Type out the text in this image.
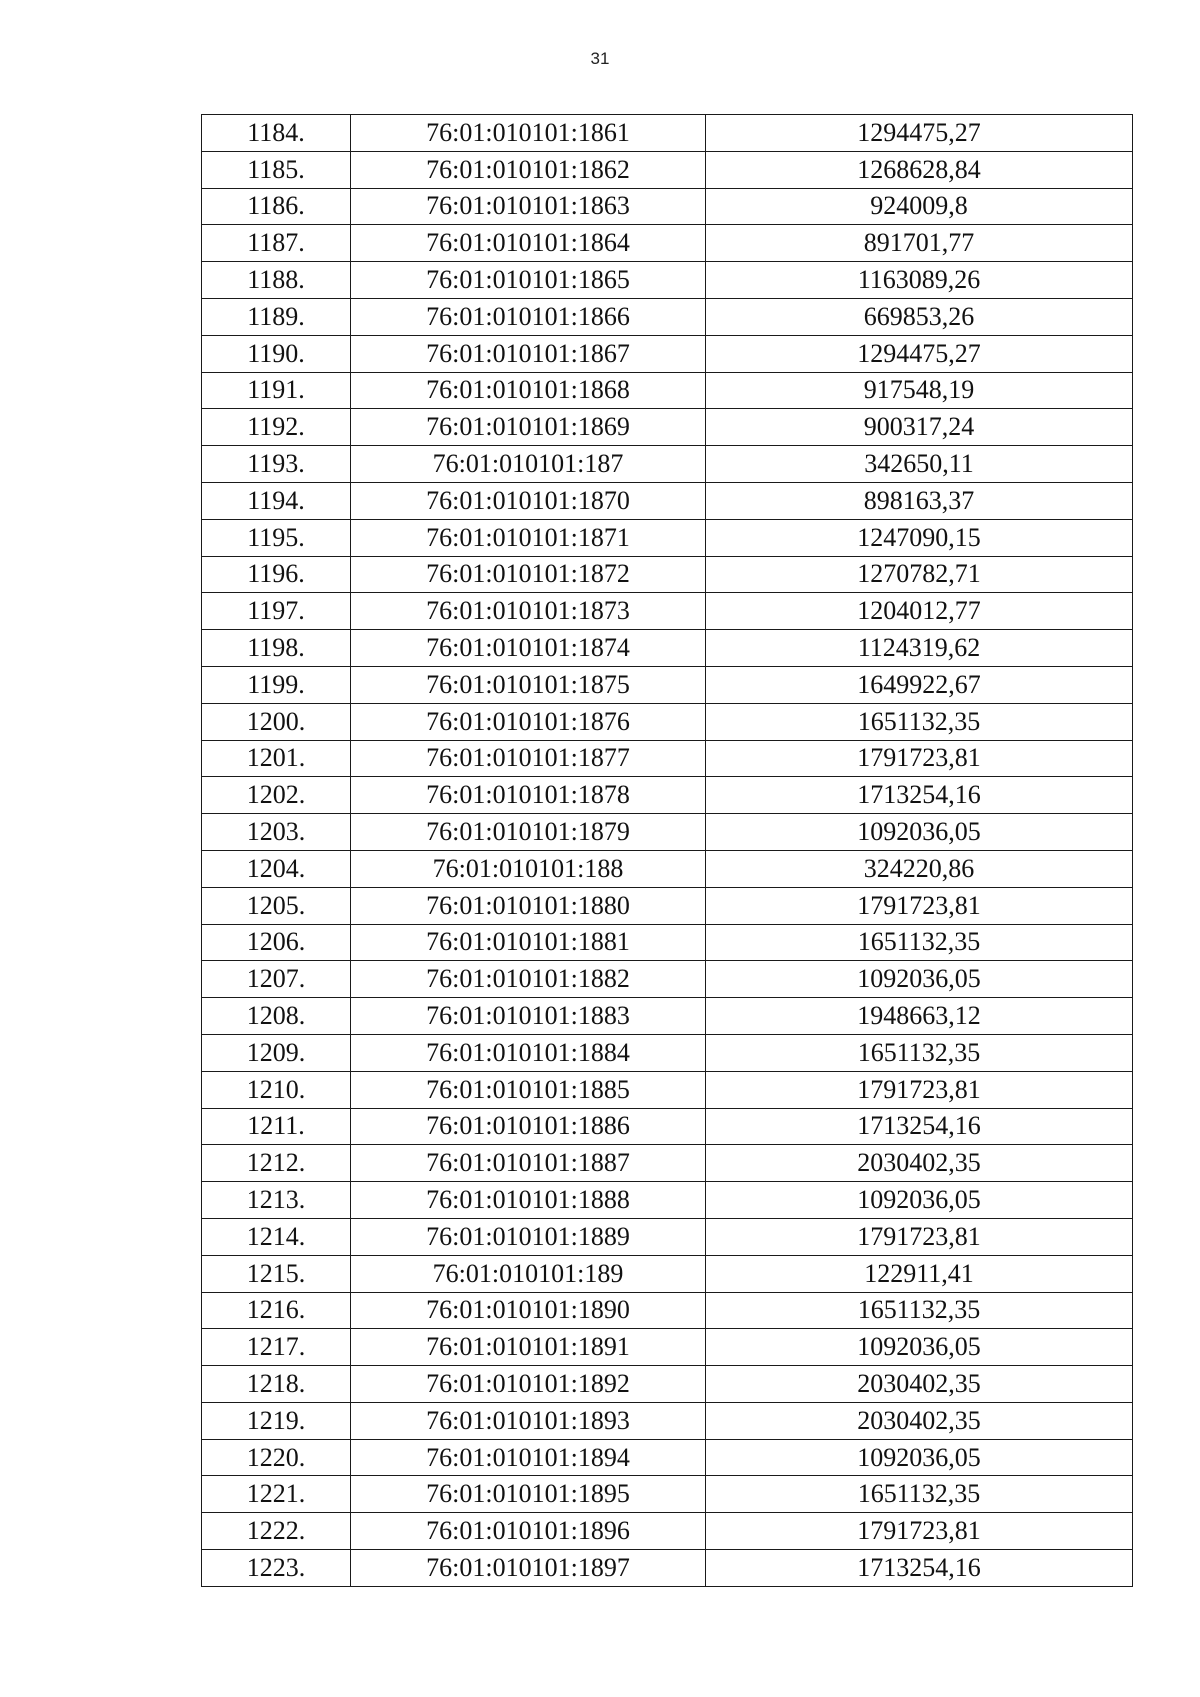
31
1184.	76:01:010101:1861	1294475,27
1185.	76:01:010101:1862	1268628,84
1186.	76:01:010101:1863	924009,8
1187.	76:01:010101:1864	891701,77
1188.	76:01:010101:1865	1163089,26
1189.	76:01:010101:1866	669853,26
1190.	76:01:010101:1867	1294475,27
1191.	76:01:010101:1868	917548,19
1192.	76:01:010101:1869	900317,24
1193.	76:01:010101:187	342650,11
1194.	76:01:010101:1870	898163,37
1195.	76:01:010101:1871	1247090,15
1196.	76:01:010101:1872	1270782,71
1197.	76:01:010101:1873	1204012,77
1198.	76:01:010101:1874	1124319,62
1199.	76:01:010101:1875	1649922,67
1200.	76:01:010101:1876	1651132,35
1201.	76:01:010101:1877	1791723,81
1202.	76:01:010101:1878	1713254,16
1203.	76:01:010101:1879	1092036,05
1204.	76:01:010101:188	324220,86
1205.	76:01:010101:1880	1791723,81
1206.	76:01:010101:1881	1651132,35
1207.	76:01:010101:1882	1092036,05
1208.	76:01:010101:1883	1948663,12
1209.	76:01:010101:1884	1651132,35
1210.	76:01:010101:1885	1791723,81
1211.	76:01:010101:1886	1713254,16
1212.	76:01:010101:1887	2030402,35
1213.	76:01:010101:1888	1092036,05
1214.	76:01:010101:1889	1791723,81
1215.	76:01:010101:189	122911,41
1216.	76:01:010101:1890	1651132,35
1217.	76:01:010101:1891	1092036,05
1218.	76:01:010101:1892	2030402,35
1219.	76:01:010101:1893	2030402,35
1220.	76:01:010101:1894	1092036,05
1221.	76:01:010101:1895	1651132,35
1222.	76:01:010101:1896	1791723,81
1223.	76:01:010101:1897	1713254,16
